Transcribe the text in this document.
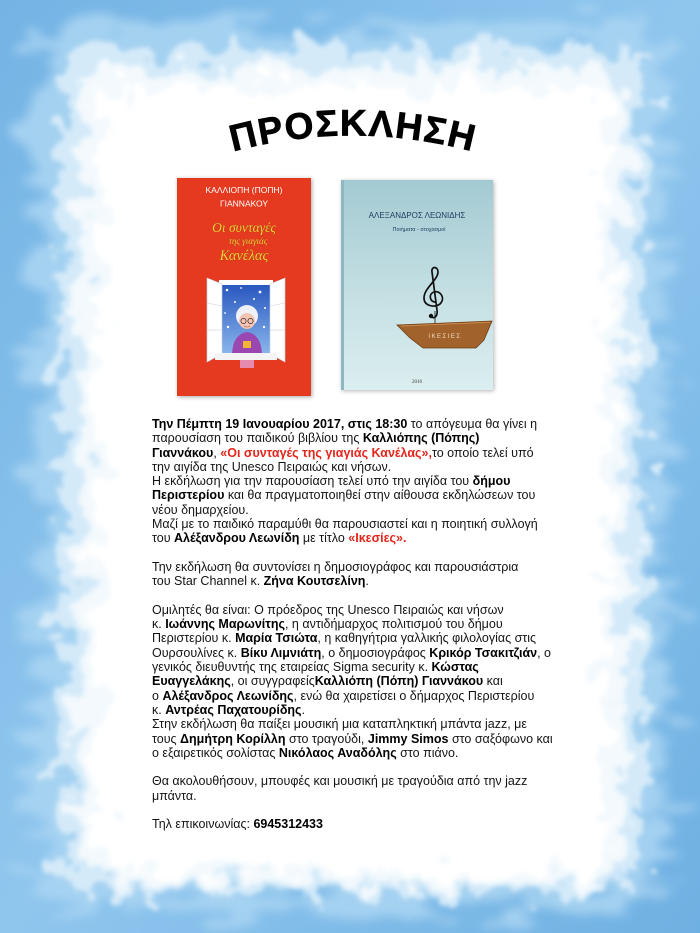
ΠΡΟΣΚΛΗΣΗ
ΚΑΛΛΙΟΠΗ (ΠΟΠΗ)
ΓΙΑΝΝΑΚΟΥ
Οι συνταγές
της γιαγιάς
Κανέλας
ΑΛΕΞΑΝΔΡΟΣ ΛΕΩΝΙΔΗΣ
Ποιήματα - στοχασμοί
ΙΚΕΣΙΕΣ
2016
Την Πέμπτη 19 Ιανουαρίου 2017, στις 18:30 το απόγευμα θα γίνει η
παρουσίαση του παιδικού βιβλίου της Καλλιόπης (Πόπης)
Γιαννάκου, «Οι συνταγές της γιαγιάς Κανέλας»,το οποίο τελεί υπό
την αιγίδα της Unesco Πειραιώς και νήσων.
Η εκδήλωση για την παρουσίαση τελεί υπό την αιγίδα του δήμου
Περιστερίου και θα πραγματοποιηθεί στην αίθουσα εκδηλώσεων του
νέου δημαρχείου.
Μαζί με το παιδικό παραμύθι θα παρουσιαστεί και η ποιητική συλλογή
του Αλέξανδρου Λεωνίδη με τίτλο «Ικεσίες».
Την εκδήλωση θα συντονίσει η δημοσιογράφος και παρουσιάστρια
του Star Channel κ. Ζήνα Κουτσελίνη.
Ομιλητές θα είναι: Ο πρόεδρος της Unesco Πειραιώς και νήσων
κ. Ιωάννης Μαρωνίτης, η αντιδήμαρχος πολιτισμού του δήμου
Περιστερίου κ. Μαρία Τσιώτα, η καθηγήτρια γαλλικής φιλολογίας στις
Ουρσουλίνες κ. Βίκυ Λιμνιάτη, ο δημοσιογράφος Κρικόρ Τσακιτζιάν, ο
γενικός διευθυντής της εταιρείας Sigma security κ. Κώστας
Ευαγγελάκης, οι συγγραφείςΚαλλιόπη (Πόπη) Γιαννάκου και
ο Αλέξανδρος Λεωνίδης, ενώ θα χαιρετίσει ο δήμαρχος Περιστερίου
κ. Αντρέας Παχατουρίδης.
Στην εκδήλωση θα παίξει μουσική μια καταπληκτική μπάντα jazz, με
τους Δημήτρη Κορίλλη στο τραγούδι, Jimmy Simos στο σαξόφωνο και
ο εξαιρετικός σολίστας Νικόλαος Αναδόλης στο πιάνο.
Θα ακολουθήσουν, μπουφές και μουσική με τραγούδια από την jazz
μπάντα.
Τηλ επικοινωνίας: 6945312433
